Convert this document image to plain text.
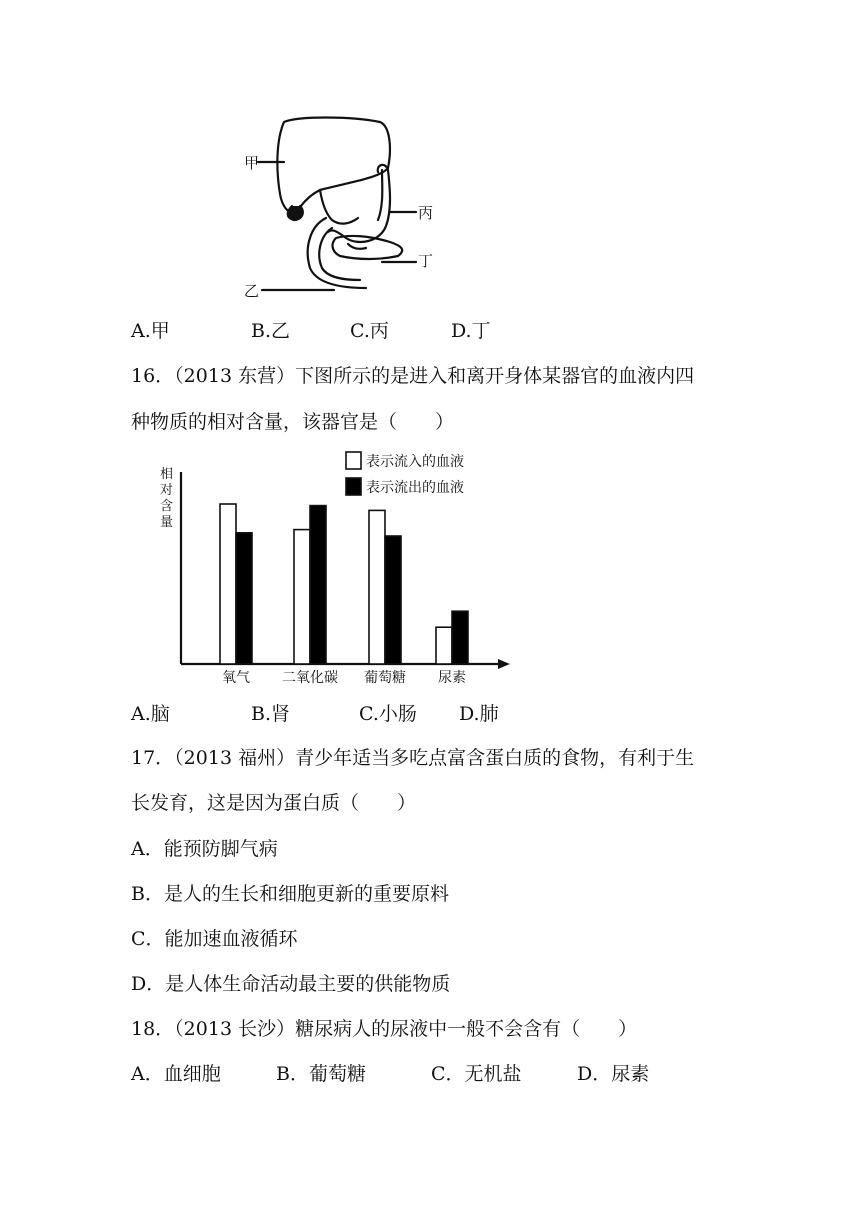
甲
丙
丁
乙
A.甲	B.乙	C.丙	D.丁
16．（2013 东营）下图所示的是进入和离开身体某器官的血液内四
种物质的相对含量，该器官是（　　）
氧气 二氧化碳 葡萄糖 尿素
表示流入的血液
表示流出的血液
相对含量
A.脑	B.肾	C.小肠 D.肺
17．（2013 福州）青少年适当多吃点富含蛋白质的食物，有利于生
长发育，这是因为蛋白质（　　）
A．能预防脚气病
B．是人的生长和细胞更新的重要原料
C．能加速血液循环
D．是人体生命活动最主要的供能物质
18．（2013 长沙）糖尿病人的尿液中一般不会含有（　　）
A．血细胞	B．葡萄糖	C．无机盐	D．尿素
